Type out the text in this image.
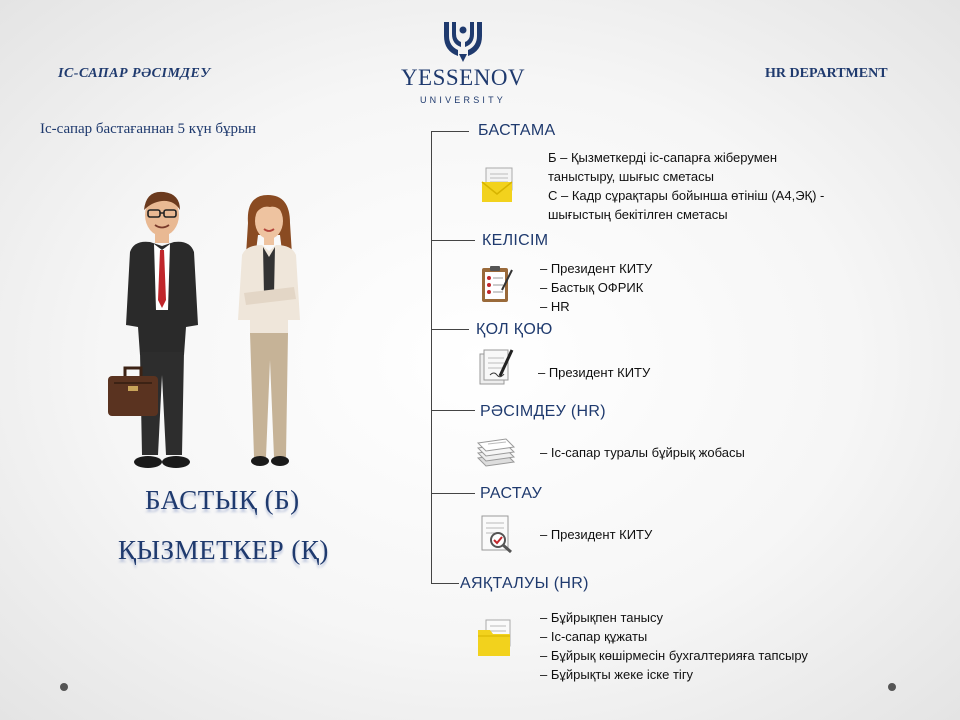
ІС-САПАР РӘСІМДЕУ	HR DEPARTMENT
YESSENOV
UNIVERSITY
Іс-сапар бастағаннан 5 күн бұрын
БАСТЫҚ (Б)
ҚЫЗМЕТКЕР (Қ)
БАСТАМА
Б – Қызметкерді іс-сапарға жіберумен
таныстыру, шығыс сметасы
С – Кадр сұрақтары бойынша өтініш (А4,ЭҚ) -
шығыстың бекітілген сметасы
КЕЛІСІМ
– Президент КИТУ
– Бастық ОФРИК
– HR
ҚОЛ ҚОЮ
– Президент КИТУ
РӘСІМДЕУ (HR)
– Іс-сапар туралы бұйрық жобасы
РАСТАУ
– Президент КИТУ
АЯҚТАЛУЫ (HR)
– Бұйрықпен танысу
– Іс-сапар құжаты
– Бұйрық көшірмесін бухгалтерияға тапсыру
– Бұйрықты жеке іске тігу
